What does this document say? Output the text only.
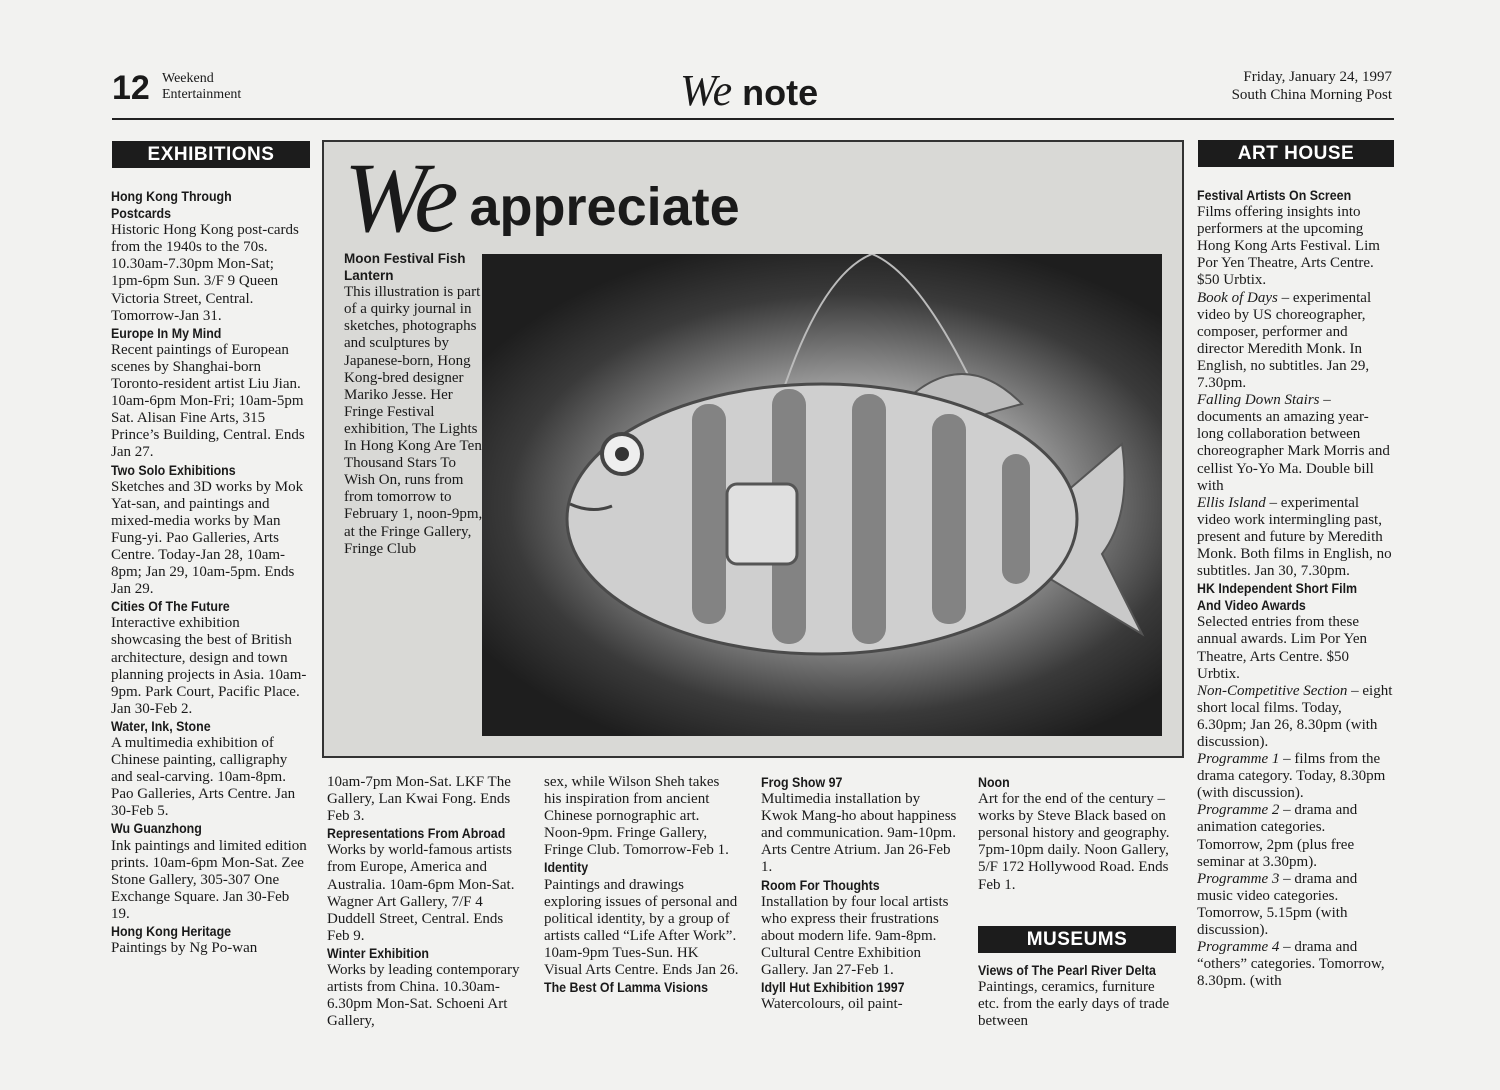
12 Weekend
Entertainment	We note	Friday, January 24, 1997
South China Morning Post
EXHIBITIONS	ART HOUSE
MUSEUMS
We appreciate
Moon Festival Fish Lantern

This illustration is part of a quirky journal in sketches, photographs and sculptures by Japanese-born, Hong Kong-bred designer Mariko Jesse. Her Fringe Festival exhibition, The Lights In Hong Kong Are Ten Thousand Stars To Wish On, runs from from tomorrow to February 1, noon-9pm, at the Fringe Gallery, Fringe Club

Hong Kong Through Postcards

Historic Hong Kong post-cards from the 1940s to the 70s. 10.30am-7.30pm Mon-Sat; 1pm-6pm Sun. 3/F 9 Queen Victoria Street, Central. Tomorrow-Jan 31.

Europe In My Mind

Recent paintings of European scenes by Shanghai-born Toronto-resident artist Liu Jian. 10am-6pm Mon-Fri; 10am-5pm Sat. Alisan Fine Arts, 315 Prince’s Building, Central. Ends Jan 27.

Two Solo Exhibitions

Sketches and 3D works by Mok Yat-san, and paintings and mixed-media works by Man Fung-yi. Pao Galleries, Arts Centre. Today-Jan 28, 10am-8pm; Jan 29, 10am-5pm. Ends Jan 29.

Cities Of The Future

Interactive exhibition showcasing the best of British architecture, design and town planning projects in Asia. 10am-9pm. Park Court, Pacific Place. Jan 30-Feb 2.

Water, Ink, Stone

A multimedia exhibition of Chinese painting, calligraphy and seal-carving. 10am-8pm. Pao Galleries, Arts Centre. Jan 30-Feb 5.

Wu Guanzhong

Ink paintings and limited edition prints. 10am-6pm Mon-Sat. Zee Stone Gallery, 305-307 One Exchange Square. Jan 30-Feb 19.

Hong Kong Heritage

Paintings by Ng Po-wan

10am-7pm Mon-Sat. LKF The Gallery, Lan Kwai Fong. Ends Feb 3.

Representations From Abroad

Works by world-famous artists from Europe, America and Australia. 10am-6pm Mon-Sat. Wagner Art Gallery, 7/F 4 Duddell Street, Central. Ends Feb 9.

Winter Exhibition

Works by leading contemporary artists from China. 10.30am-6.30pm Mon-Sat. Schoeni Art Gallery,

sex, while Wilson Sheh takes his inspiration from ancient Chinese pornographic art. Noon-9pm. Fringe Gallery, Fringe Club. Tomorrow-Feb 1.

Identity

Paintings and drawings exploring issues of personal and political identity, by a group of artists called “Life After Work”. 10am-9pm Tues-Sun. HK Visual Arts Centre. Ends Jan 26.

The Best Of Lamma Visions

Frog Show 97

Multimedia installation by Kwok Mang-ho about happiness and communication. 9am-10pm. Arts Centre Atrium. Jan 26-Feb 1.

Room For Thoughts

Installation by four local artists who express their frustrations about modern life. 9am-8pm. Cultural Centre Exhibition Gallery. Jan 27-Feb 1.

Idyll Hut Exhibition 1997

Watercolours, oil paint-

Noon

Art for the end of the century – works by Steve Black based on personal history and geography. 7pm-10pm daily. Noon Gallery, 5/F 172 Hollywood Road. Ends Feb 1.

Views of The Pearl River Delta

Paintings, ceramics, furniture etc. from the early days of trade between

Festival Artists On Screen

Films offering insights into performers at the upcoming Hong Kong Arts Festival. Lim Por Yen Theatre, Arts Centre. $50 Urbtix.

Book of Days – experimental video by US choreographer, composer, performer and director Meredith Monk. In English, no subtitles. Jan 29, 7.30pm.

Falling Down Stairs – documents an amazing year-long collaboration between choreographer Mark Morris and cellist Yo-Yo Ma. Double bill with

Ellis Island – experimental video work intermingling past, present and future by Meredith Monk. Both films in English, no subtitles. Jan 30, 7.30pm.

HK Independent Short Film And Video Awards

Selected entries from these annual awards. Lim Por Yen Theatre, Arts Centre. $50 Urbtix.

Non-Competitive Section – eight short local films. Today, 6.30pm; Jan 26, 8.30pm (with discussion).

Programme 1 – films from the drama category. Today, 8.30pm (with discussion).

Programme 2 – drama and animation categories. Tomorrow, 2pm (plus free seminar at 3.30pm).

Programme 3 – drama and music video categories. Tomorrow, 5.15pm (with discussion).

Programme 4 – drama and “others” categories. Tomorrow, 8.30pm. (with
